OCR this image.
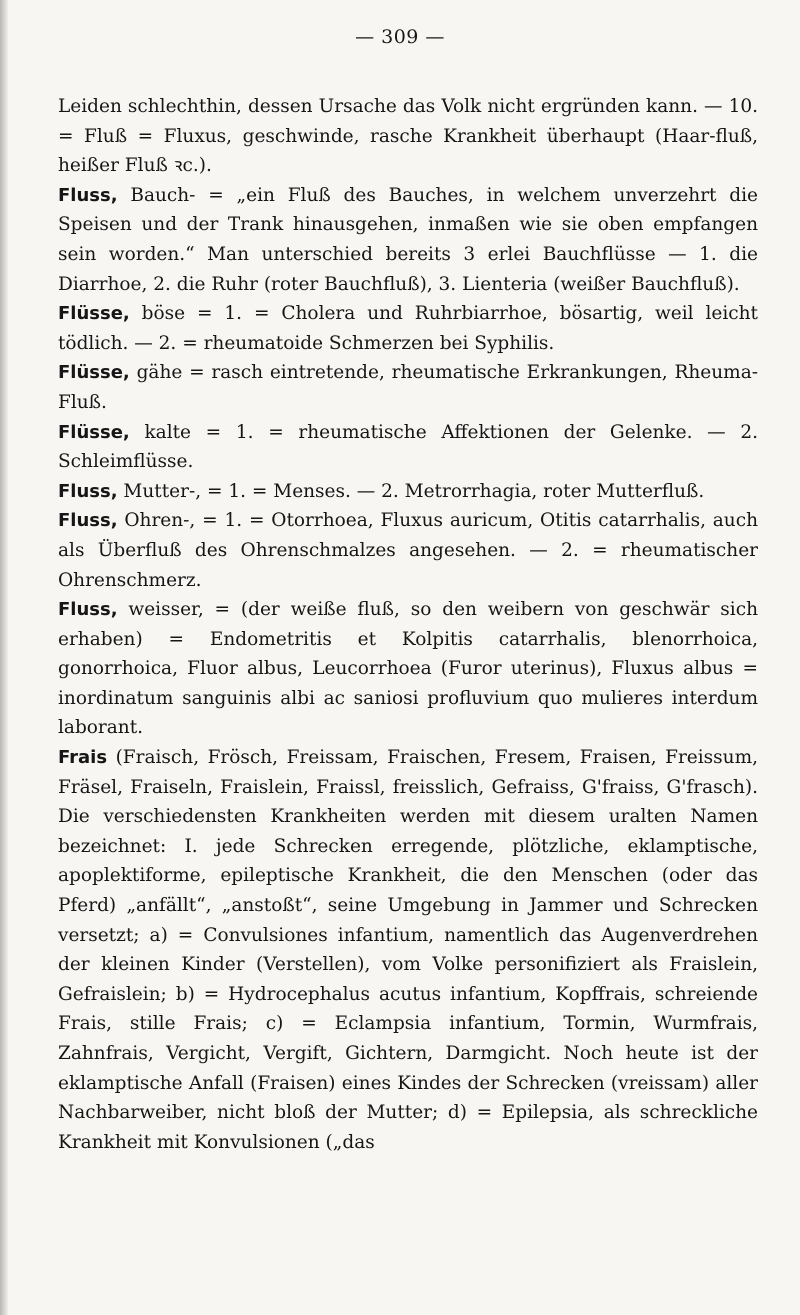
— 309 —

Leiden schlechthin, dessen Ursache das Volk nicht ergründen kann. — 10. = Fluß = Fluxus, geschwinde, rasche Krankheit überhaupt (Haar-fluß, heißer Fluß ꝛc.).

Fluss, Bauch- = „ein Fluß des Bauches, in welchem unverzehrt die Speisen und der Trank hinausgehen, inmaßen wie sie oben empfangen sein worden.“ Man unterschied bereits 3 erlei Bauchflüsse — 1. die Diarrhoe, 2. die Ruhr (roter Bauchfluß), 3. Lienteria (weißer Bauchfluß).

Flüsse, böse = 1. = Cholera und Ruhrbiarrhoe, bösartig, weil leicht tödlich. — 2. = rheumatoide Schmerzen bei Syphilis.

Flüsse, gähe = rasch eintretende, rheumatische Erkrankungen, Rheuma-Fluß.

Flüsse, kalte = 1. = rheumatische Affektionen der Gelenke. — 2. Schleimflüsse.

Fluss, Mutter-, = 1. = Menses. — 2. Metrorrhagia, roter Mutterfluß.

Fluss, Ohren-, = 1. = Otorrhoea, Fluxus auricum, Otitis catarrhalis, auch als Überfluß des Ohrenschmalzes angesehen. — 2. = rheumatischer Ohrenschmerz.

Fluss, weisser, = (der weiße fluß, so den weibern von geschwär sich erhaben) = Endometritis et Kolpitis catarrhalis, blenorrhoica, gonorrhoica, Fluor albus, Leucorrhoea (Furor uterinus), Fluxus albus = inordinatum sanguinis albi ac saniosi profluvium quo mulieres interdum laborant.

Frais (Fraisch, Frösch, Freissam, Fraischen, Fresem, Fraisen, Freissum, Fräsel, Fraiseln, Fraislein, Fraissl, freisslich, Gefraiss, G'fraiss, G'frasch). Die verschiedensten Krankheiten werden mit diesem uralten Namen bezeichnet: I. jede Schrecken erregende, plötzliche, eklamptische, apoplektiforme, epileptische Krankheit, die den Menschen (oder das Pferd) „anfällt“, „anstoßt“, seine Umgebung in Jammer und Schrecken versetzt; a) = Convulsiones infantium, namentlich das Augenverdrehen der kleinen Kinder (Verstellen), vom Volke personifiziert als Fraislein, Gefraislein; b) = Hydrocephalus acutus infantium, Kopffrais, schreiende Frais, stille Frais; c) = Eclampsia infantium, Tormin, Wurmfrais, Zahnfrais, Vergicht, Vergift, Gichtern, Darmgicht. Noch heute ist der eklamptische Anfall (Fraisen) eines Kindes der Schrecken (vreissam) aller Nachbarweiber, nicht bloß der Mutter; d) = Epilepsia, als schreckliche Krankheit mit Konvulsionen („das
